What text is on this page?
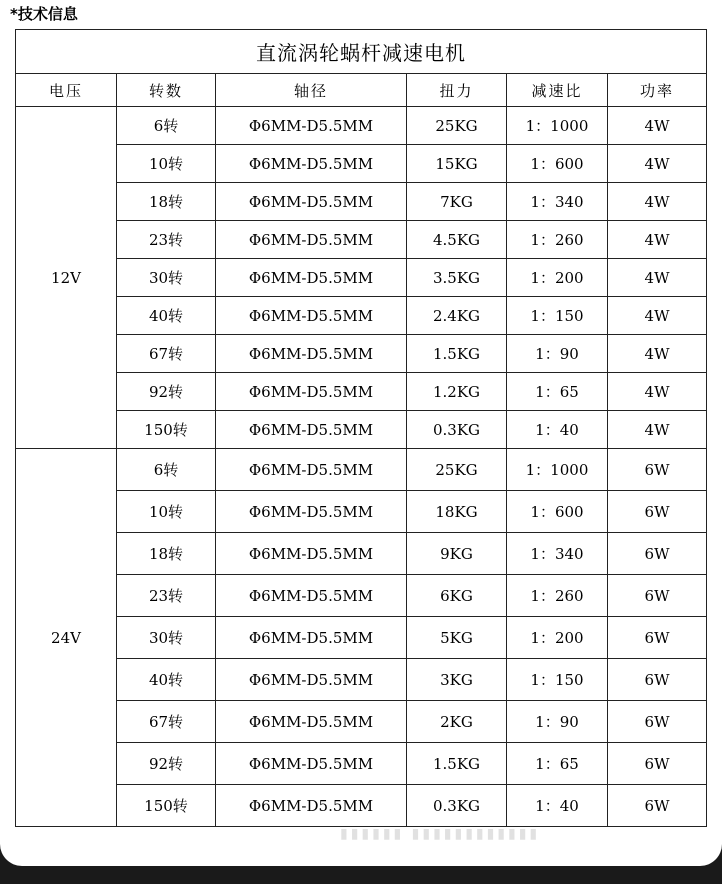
*技术信息
直流涡轮蜗杆减速电机					
电压	转数	轴径	扭力	减速比	功率
12V	6转	Φ6MM-D5.5MM	25KG	1：1000	4W
	10转	Φ6MM-D5.5MM	15KG	1：600	4W
	18转	Φ6MM-D5.5MM	7KG	1：340	4W
	23转	Φ6MM-D5.5MM	4.5KG	1：260	4W
	30转	Φ6MM-D5.5MM	3.5KG	1：200	4W
	40转	Φ6MM-D5.5MM	2.4KG	1：150	4W
	67转	Φ6MM-D5.5MM	1.5KG	1：90	4W
	92转	Φ6MM-D5.5MM	1.2KG	1：65	4W
	150转	Φ6MM-D5.5MM	0.3KG	1：40	4W
24V	6转	Φ6MM-D5.5MM	25KG	1：1000	6W
	10转	Φ6MM-D5.5MM	18KG	1：600	6W
	18转	Φ6MM-D5.5MM	9KG	1：340	6W
	23转	Φ6MM-D5.5MM	6KG	1：260	6W
	30转	Φ6MM-D5.5MM	5KG	1：200	6W
	40转	Φ6MM-D5.5MM	3KG	1：150	6W
	67转	Φ6MM-D5.5MM	2KG	1：90	6W
	92转	Φ6MM-D5.5MM	1.5KG	1：65	6W
	150转	Φ6MM-D5.5MM	0.3KG	1：40	6W
▮▮▮▮▮▮ ▮▮▮▮▮▮▮▮▮▮▮▮
